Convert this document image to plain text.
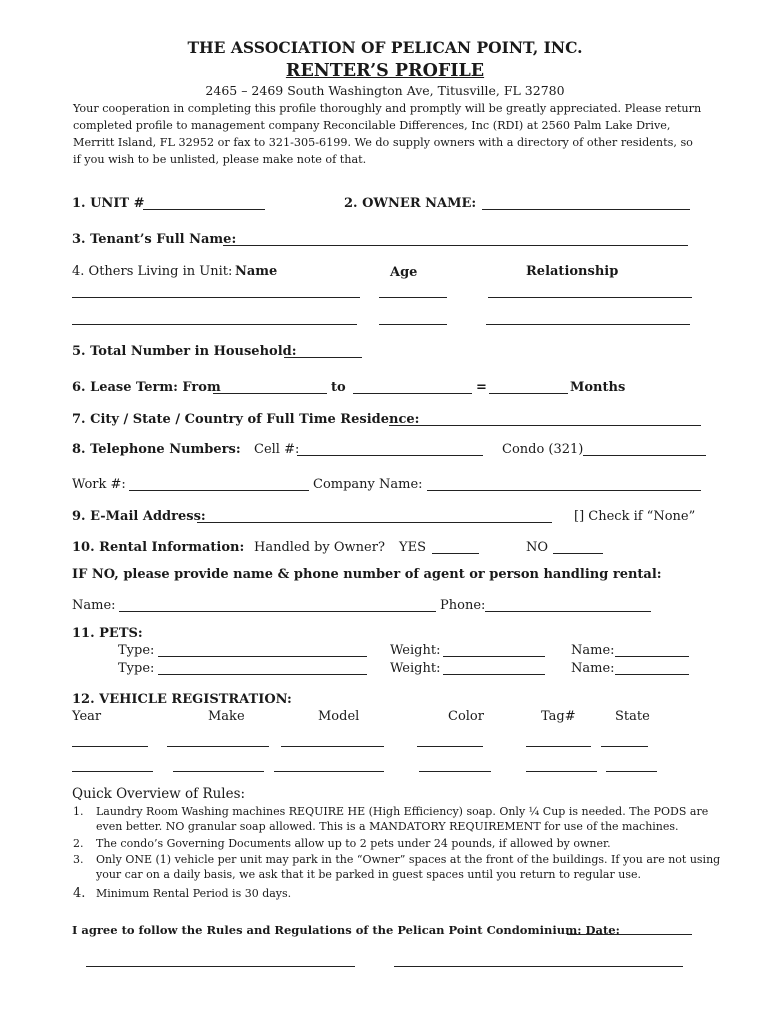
THE ASSOCIATION OF PELICAN POINT, INC.
RENTER’S PROFILE
2465 – 2469 South Washington Ave, Titusville, FL 32780
Your cooperation in completing this profile thoroughly and promptly will be greatly appreciated. Please return completed profile to management company Reconcilable Differences, Inc (RDI) at 2560 Palm Lake Drive, Merritt Island, FL 32952 or fax to 321-305-6199. We do supply owners with a directory of other residents, so if you wish to be unlisted, please make note of that.
1. UNIT #	2. OWNER NAME:
3. Tenant’s Full Name:
4. Others Living in Unit: Name	Age	Relationship
5. Total Number in Household:
6. Lease Term: From	to	=	Months
7. City / State / Country of Full Time Residence:
8. Telephone Numbers: Cell #:	Condo (321)
Work #:	Company Name:
9. E-Mail Address:	[] Check if “None”
10. Rental Information: Handled by Owner? YES	NO
IF NO, please provide name & phone number of agent or person handling rental:
Name:	Phone:
11. PETS:
Type:	Weight:	Name:
Type:	Weight:	Name:
12. VEHICLE REGISTRATION:
Year	Make	Model	Color	Tag#	State
Quick Overview of Rules:
1. Laundry Room Washing machines REQUIRE HE (High Efficiency) soap. Only ¼ Cup is needed. The PODS are even better. NO granular soap allowed. This is a MANDATORY REQUIREMENT for use of the machines.
2. The condo’s Governing Documents allow up to 2 pets under 24 pounds, if allowed by owner.
3. Only ONE (1) vehicle per unit may park in the “Owner” spaces at the front of the buildings. If you are not using your car on a daily basis, we ask that it be parked in guest spaces until you return to regular use.
4. Minimum Rental Period is 30 days.
I agree to follow the Rules and Regulations of the Pelican Point Condominium: Date:
